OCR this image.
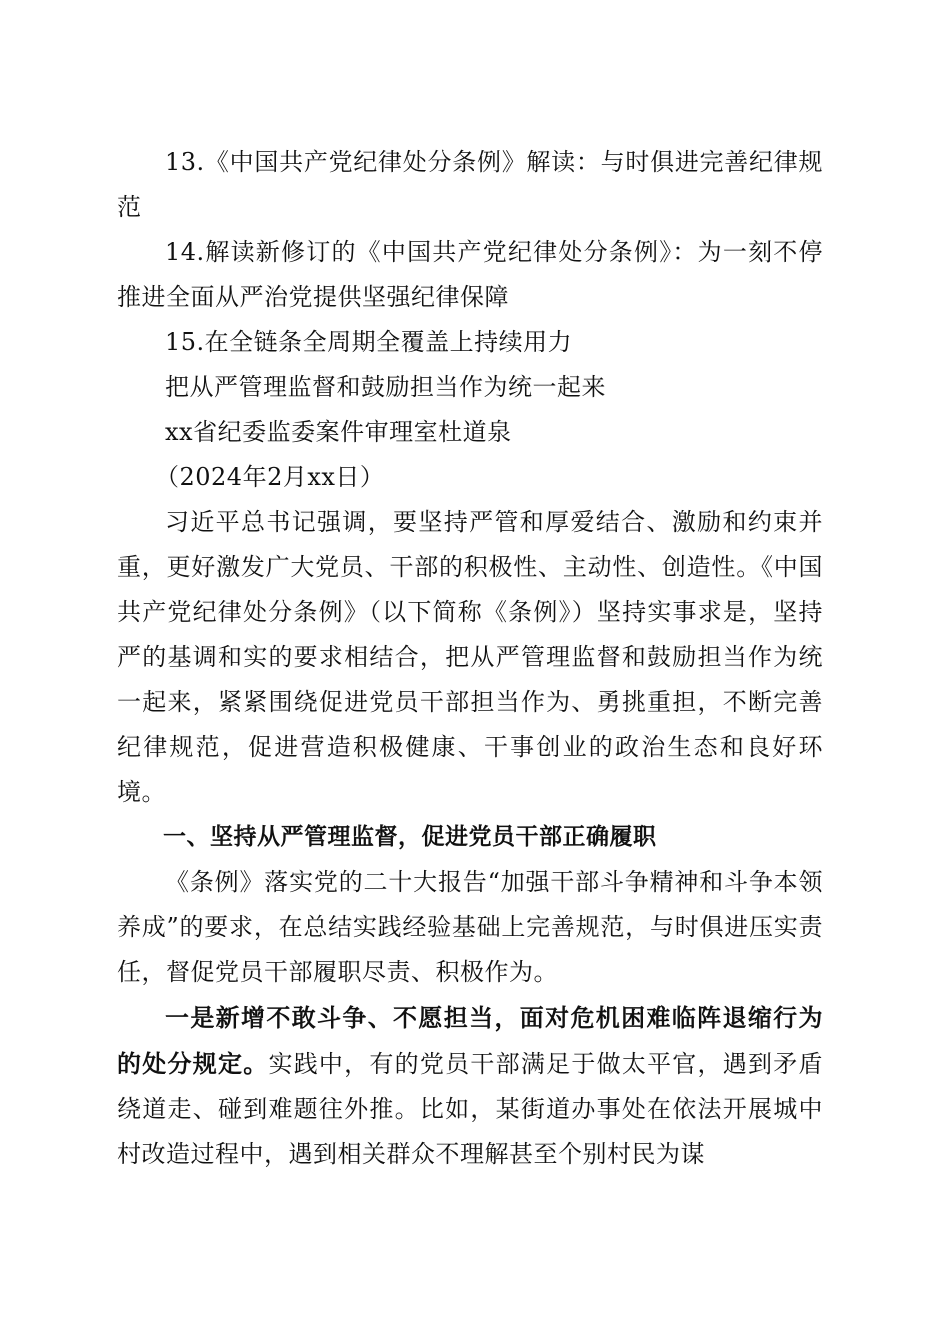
13.《中国共产党纪律处分条例》解读：与时俱进完善纪律规范

14.解读新修订的《中国共产党纪律处分条例》：为一刻不停推进全面从严治党提供坚强纪律保障

15.在全链条全周期全覆盖上持续用力

把从严管理监督和鼓励担当作为统一起来

xx省纪委监委案件审理室杜道泉

（2024年2月xx日）

习近平总书记强调，要坚持严管和厚爱结合、激励和约束并重，更好激发广大党员、干部的积极性、主动性、创造性。《中国共产党纪律处分条例》（以下简称《条例》）坚持实事求是，坚持严的基调和实的要求相结合，把从严管理监督和鼓励担当作为统一起来，紧紧围绕促进党员干部担当作为、勇挑重担，不断完善纪律规范，促进营造积极健康、干事创业的政治生态和良好环境。

一、坚持从严管理监督，促进党员干部正确履职

《条例》落实党的二十大报告“加强干部斗争精神和斗争本领养成”的要求，在总结实践经验基础上完善规范，与时俱进压实责任，督促党员干部履职尽责、积极作为。

一是新增不敢斗争、不愿担当，面对危机困难临阵退缩行为的处分规定。实践中，有的党员干部满足于做太平官，遇到矛盾绕道走、碰到难题往外推。比如，某街道办事处在依法开展城中村改造过程中，遇到相关群众不理解甚至个别村民为谋
